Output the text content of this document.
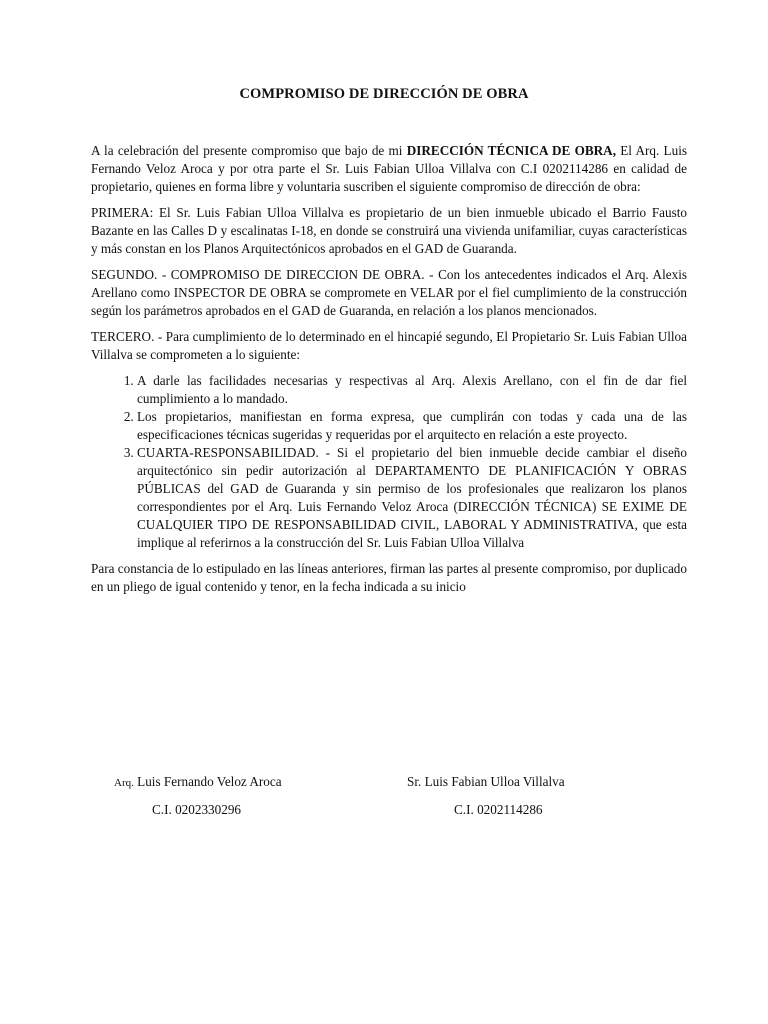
COMPROMISO DE DIRECCIÓN DE OBRA

A la celebración del presente compromiso que bajo de mi DIRECCIÓN TÉCNICA DE OBRA, El Arq. Luis Fernando Veloz Aroca y por otra parte el Sr. Luis Fabian Ulloa Villalva con C.I 0202114286 en calidad de propietario, quienes en forma libre y voluntaria suscriben el siguiente compromiso de dirección de obra:

PRIMERA: El Sr. Luis Fabian Ulloa Villalva es propietario de un bien inmueble ubicado el Barrio Fausto Bazante en las Calles D y escalinatas I-18, en donde se construirá una vivienda unifamiliar, cuyas características y más constan en los Planos Arquitectónicos aprobados en el GAD de Guaranda.

SEGUNDO. - COMPROMISO DE DIRECCION DE OBRA. - Con los antecedentes indicados el Arq. Alexis Arellano como INSPECTOR DE OBRA se compromete en VELAR por el fiel cumplimiento de la construcción según los parámetros aprobados en el GAD de Guaranda, en relación a los planos mencionados.

TERCERO. - Para cumplimiento de lo determinado en el hincapié segundo, El Propietario Sr. Luis Fabian Ulloa Villalva se comprometen a lo siguiente:

1. A darle las facilidades necesarias y respectivas al Arq. Alexis Arellano, con el fin de dar fiel cumplimiento a lo mandado.
2. Los propietarios, manifiestan en forma expresa, que cumplirán con todas y cada una de las especificaciones técnicas sugeridas y requeridas por el arquitecto en relación a este proyecto.
3. CUARTA-RESPONSABILIDAD. - Si el propietario del bien inmueble decide cambiar el diseño arquitectónico sin pedir autorización al DEPARTAMENTO DE PLANIFICACIÓN Y OBRAS PÚBLICAS del GAD de Guaranda y sin permiso de los profesionales que realizaron los planos correspondientes por el Arq. Luis Fernando Veloz Aroca (DIRECCIÓN TÉCNICA) SE EXIME DE CUALQUIER TIPO DE RESPONSABILIDAD CIVIL, LABORAL Y ADMINISTRATIVA, que esta implique al referirnos a la construcción del Sr. Luis Fabian Ulloa Villalva

Para constancia de lo estipulado en las líneas anteriores, firman las partes al presente compromiso, por duplicado en un pliego de igual contenido y tenor, en la fecha indicada a su inicio

Arq. Luis Fernando Veloz Aroca	Sr. Luis Fabian Ulloa Villalva
C.I. 0202330296	C.I. 0202114286
